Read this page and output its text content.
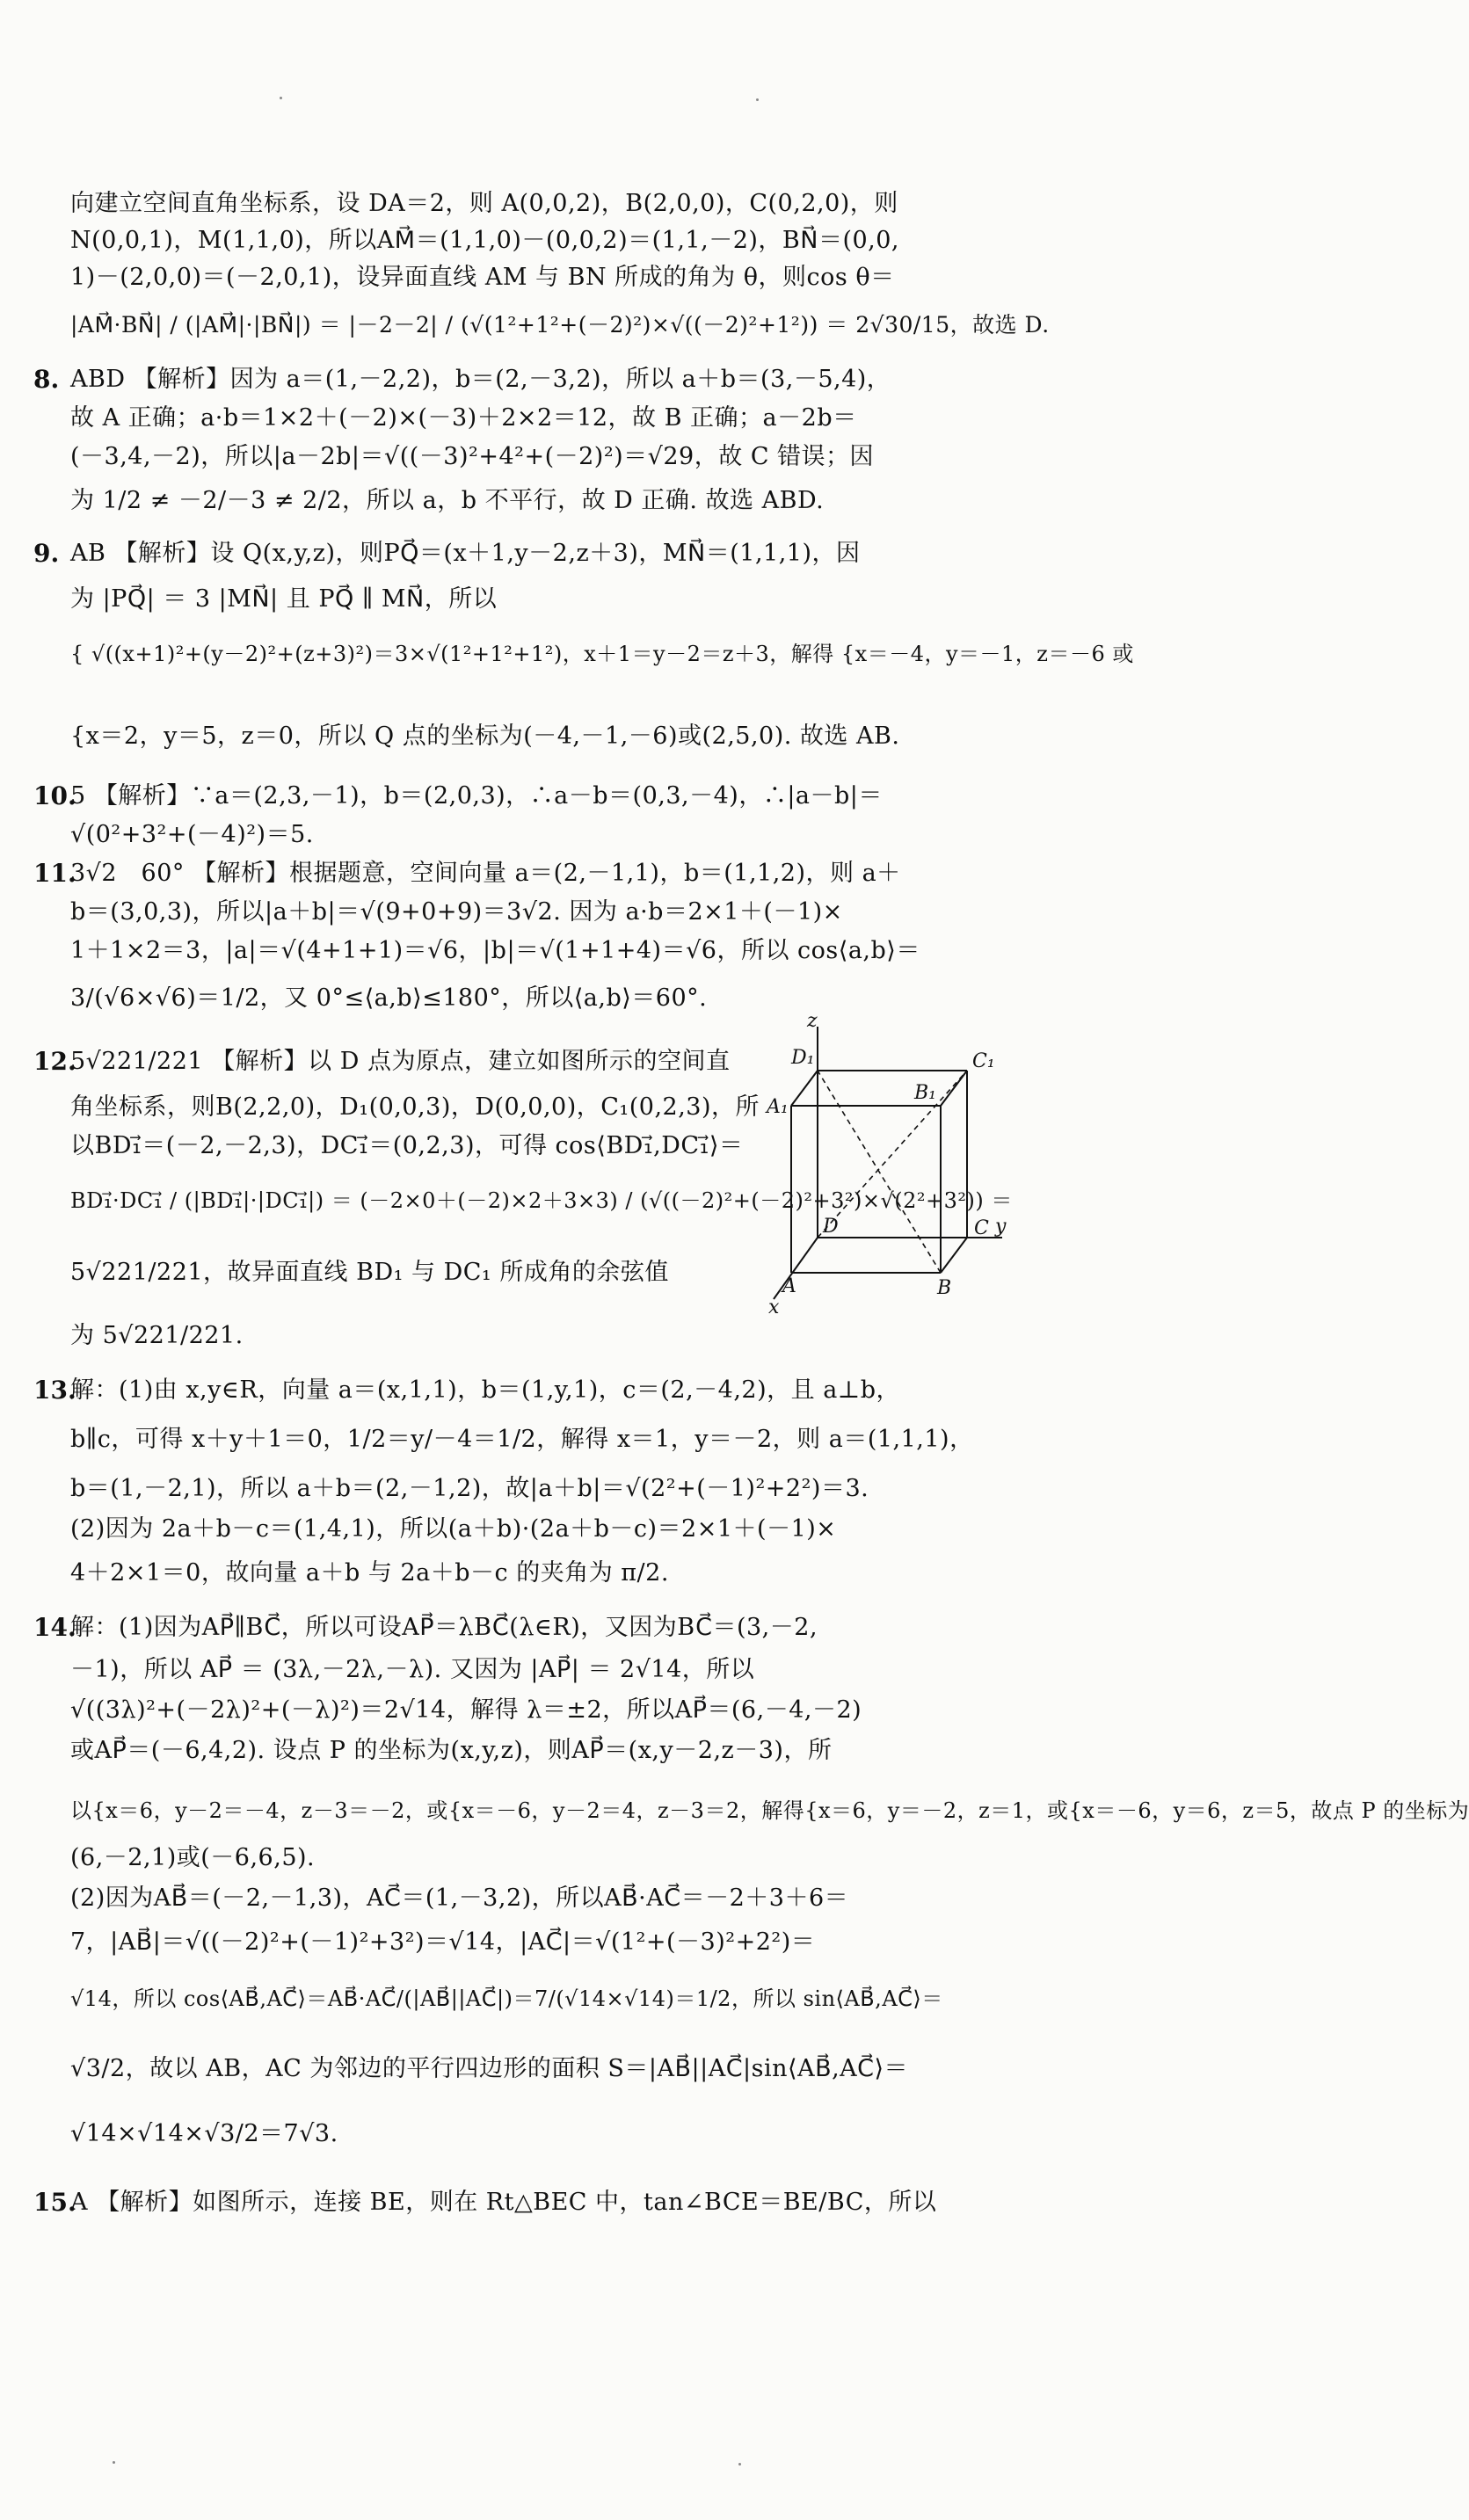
向建立空间直角坐标系，设 DA＝2，则 A(0,0,2)，B(2,0,0)，C(0,2,0)，则
N(0,0,1)，M(1,1,0)，所以AM⃗＝(1,1,0)－(0,0,2)＝(1,1,－2)，BN⃗＝(0,0,
1)－(2,0,0)＝(－2,0,1)，设异面直线 AM 与 BN 所成的角为 θ，则cos θ＝
|AM⃗·BN⃗| / (|AM⃗|·|BN⃗|) ＝ |－2－2| / (√(1²+1²+(－2)²)×√((－2)²+1²)) ＝ 2√30/15，故选 D.
8. ABD 【解析】因为 a＝(1,－2,2)，b＝(2,－3,2)，所以 a＋b＝(3,－5,4)，
故 A 正确；a·b＝1×2＋(－2)×(－3)＋2×2＝12，故 B 正确；a－2b＝
(－3,4,－2)，所以|a－2b|＝√((－3)²+4²+(－2)²)＝√29，故 C 错误；因
为 1/2 ≠ －2/－3 ≠ 2/2，所以 a，b 不平行，故 D 正确. 故选 ABD.
9. AB 【解析】设 Q(x,y,z)，则PQ⃗＝(x＋1,y－2,z＋3)，MN⃗＝(1,1,1)，因
为 |PQ⃗| ＝ 3 |MN⃗| 且 PQ⃗ ∥ MN⃗，所以
{ √((x+1)²+(y－2)²+(z+3)²)＝3×√(1²+1²+1²)，x＋1＝y－2＝z＋3，解得 {x＝－4，y＝－1，z＝－6 或
{x＝2，y＝5，z＝0，所以 Q 点的坐标为(－4,－1,－6)或(2,5,0). 故选 AB.
10.
5 【解析】∵a＝(2,3,－1)，b＝(2,0,3)，∴a－b＝(0,3,－4)，∴|a－b|＝
√(0²+3²+(－4)²)＝5.
11.
3√2　60° 【解析】根据题意，空间向量 a＝(2,－1,1)，b＝(1,1,2)，则 a＋
b＝(3,0,3)，所以|a＋b|＝√(9+0+9)＝3√2. 因为 a·b＝2×1＋(－1)×
1＋1×2＝3，|a|＝√(4+1+1)＝√6，|b|＝√(1+1+4)＝√6，所以 cos⟨a,b⟩＝
3/(√6×√6)＝1/2，又 0°≤⟨a,b⟩≤180°，所以⟨a,b⟩＝60°.
12.
5√221/221 【解析】以 D 点为原点，建立如图所示的空间直
角坐标系，则B(2,2,0)，D₁(0,0,3)，D(0,0,0)，C₁(0,2,3)，所
以BD₁⃗＝(－2,－2,3)，DC₁⃗＝(0,2,3)，可得 cos⟨BD₁⃗,DC₁⃗⟩＝
BD₁⃗·DC₁⃗ / (|BD₁⃗|·|DC₁⃗|) ＝ (－2×0＋(－2)×2＋3×3) / (√((－2)²+(－2)²+3²)×√(2²+3²)) ＝
5√221/221，故异面直线 BD₁ 与 DC₁ 所成角的余弦值
为 5√221/221.
13.
解：(1)由 x,y∈R，向量 a＝(x,1,1)，b＝(1,y,1)，c＝(2,－4,2)，且 a⊥b，
b∥c，可得 x＋y＋1＝0，1/2＝y/－4＝1/2，解得 x＝1，y＝－2，则 a＝(1,1,1)，
b＝(1,－2,1)，所以 a＋b＝(2,－1,2)，故|a＋b|＝√(2²+(－1)²+2²)＝3.
(2)因为 2a＋b－c＝(1,4,1)，所以(a＋b)·(2a＋b－c)＝2×1＋(－1)×
4＋2×1＝0，故向量 a＋b 与 2a＋b－c 的夹角为 π/2.
14.
解：(1)因为AP⃗∥BC⃗，所以可设AP⃗＝λBC⃗(λ∈R)，又因为BC⃗＝(3,－2,
－1)，所以 AP⃗ ＝ (3λ,－2λ,－λ). 又因为 |AP⃗| ＝ 2√14，所以
√((3λ)²+(－2λ)²+(－λ)²)＝2√14，解得 λ＝±2，所以AP⃗＝(6,－4,－2)
或AP⃗＝(－6,4,2). 设点 P 的坐标为(x,y,z)，则AP⃗＝(x,y－2,z－3)，所
以{x＝6，y－2＝－4，z－3＝－2，或{x＝－6，y－2＝4，z－3＝2，解得{x＝6，y＝－2，z＝1，或{x＝－6，y＝6，z＝5，故点 P 的坐标为
(6,－2,1)或(－6,6,5).
(2)因为AB⃗＝(－2,－1,3)，AC⃗＝(1,－3,2)，所以AB⃗·AC⃗＝－2＋3＋6＝
7，|AB⃗|＝√((－2)²+(－1)²+3²)＝√14，|AC⃗|＝√(1²+(－3)²+2²)＝
√14，所以 cos⟨AB⃗,AC⃗⟩＝AB⃗·AC⃗/(|AB⃗||AC⃗|)＝7/(√14×√14)＝1/2，所以 sin⟨AB⃗,AC⃗⟩＝
√3/2，故以 AB，AC 为邻边的平行四边形的面积 S＝|AB⃗||AC⃗|sin⟨AB⃗,AC⃗⟩＝
√14×√14×√3/2＝7√3.
15.
A 【解析】如图所示，连接 BE，则在 Rt△BEC 中，tan∠BCE＝BE/BC，所以
z
y
x
A	B
C
D
A₁
B₁
C₁
D₁
